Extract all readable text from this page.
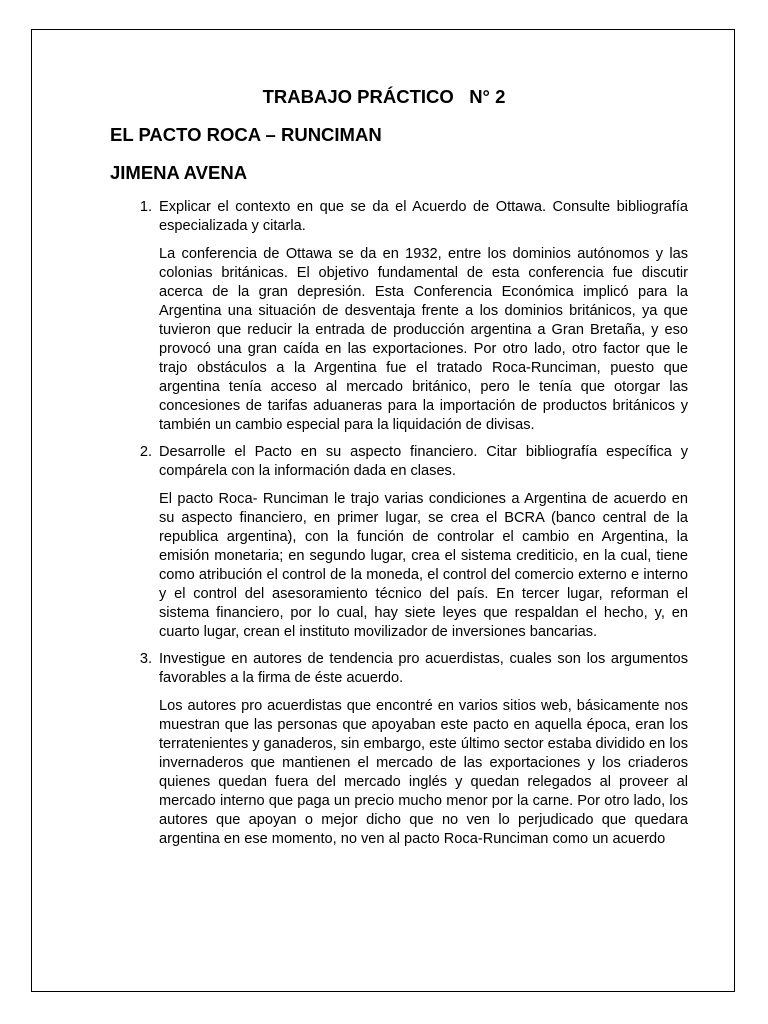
TRABAJO PRÁCTICO   N° 2
EL PACTO ROCA – RUNCIMAN
JIMENA AVENA
1. Explicar el contexto en que se da el Acuerdo de Ottawa. Consulte bibliografía especializada y citarla.

La conferencia de Ottawa se da en 1932, entre los dominios autónomos y las colonias británicas. El objetivo fundamental de esta conferencia fue discutir acerca de la gran depresión. Esta Conferencia Económica implicó para la Argentina una situación de desventaja frente a los dominios británicos, ya que tuvieron que reducir la entrada de producción argentina a Gran Bretaña, y eso provocó una gran caída en las exportaciones. Por otro lado, otro factor que le trajo obstáculos a la Argentina fue el tratado Roca-Runciman, puesto que argentina tenía acceso al mercado británico, pero le tenía que otorgar las concesiones de tarifas aduaneras para la importación de productos británicos y también un cambio especial para la liquidación de divisas.

2. Desarrolle el Pacto en su aspecto financiero. Citar bibliografía específica y compárela con la información dada en clases.

El pacto Roca- Runciman le trajo varias condiciones a Argentina de acuerdo en su aspecto financiero, en primer lugar, se crea el BCRA (banco central de la republica argentina), con la función de controlar el cambio en Argentina, la emisión monetaria; en segundo lugar, crea el sistema crediticio, en la cual, tiene como atribución el control de la moneda, el control del comercio externo e interno y el control del asesoramiento técnico del país. En tercer lugar, reforman el sistema financiero, por lo cual, hay siete leyes que respaldan el hecho, y, en cuarto lugar, crean el instituto movilizador de inversiones bancarias.

3. Investigue en autores de tendencia pro acuerdistas, cuales son los argumentos favorables a la firma de éste acuerdo.

Los autores pro acuerdistas que encontré en varios sitios web, básicamente nos muestran que las personas que apoyaban este pacto en aquella época, eran los terratenientes y ganaderos, sin embargo, este último sector estaba dividido en los invernaderos que mantienen el mercado de las exportaciones y los criaderos quienes quedan fuera del mercado inglés y quedan relegados al proveer al mercado interno que paga un precio mucho menor por la carne. Por otro lado, los autores que apoyan o mejor dicho que no ven lo perjudicado que quedara argentina en ese momento, no ven al pacto Roca-Runciman como un acuerdo
